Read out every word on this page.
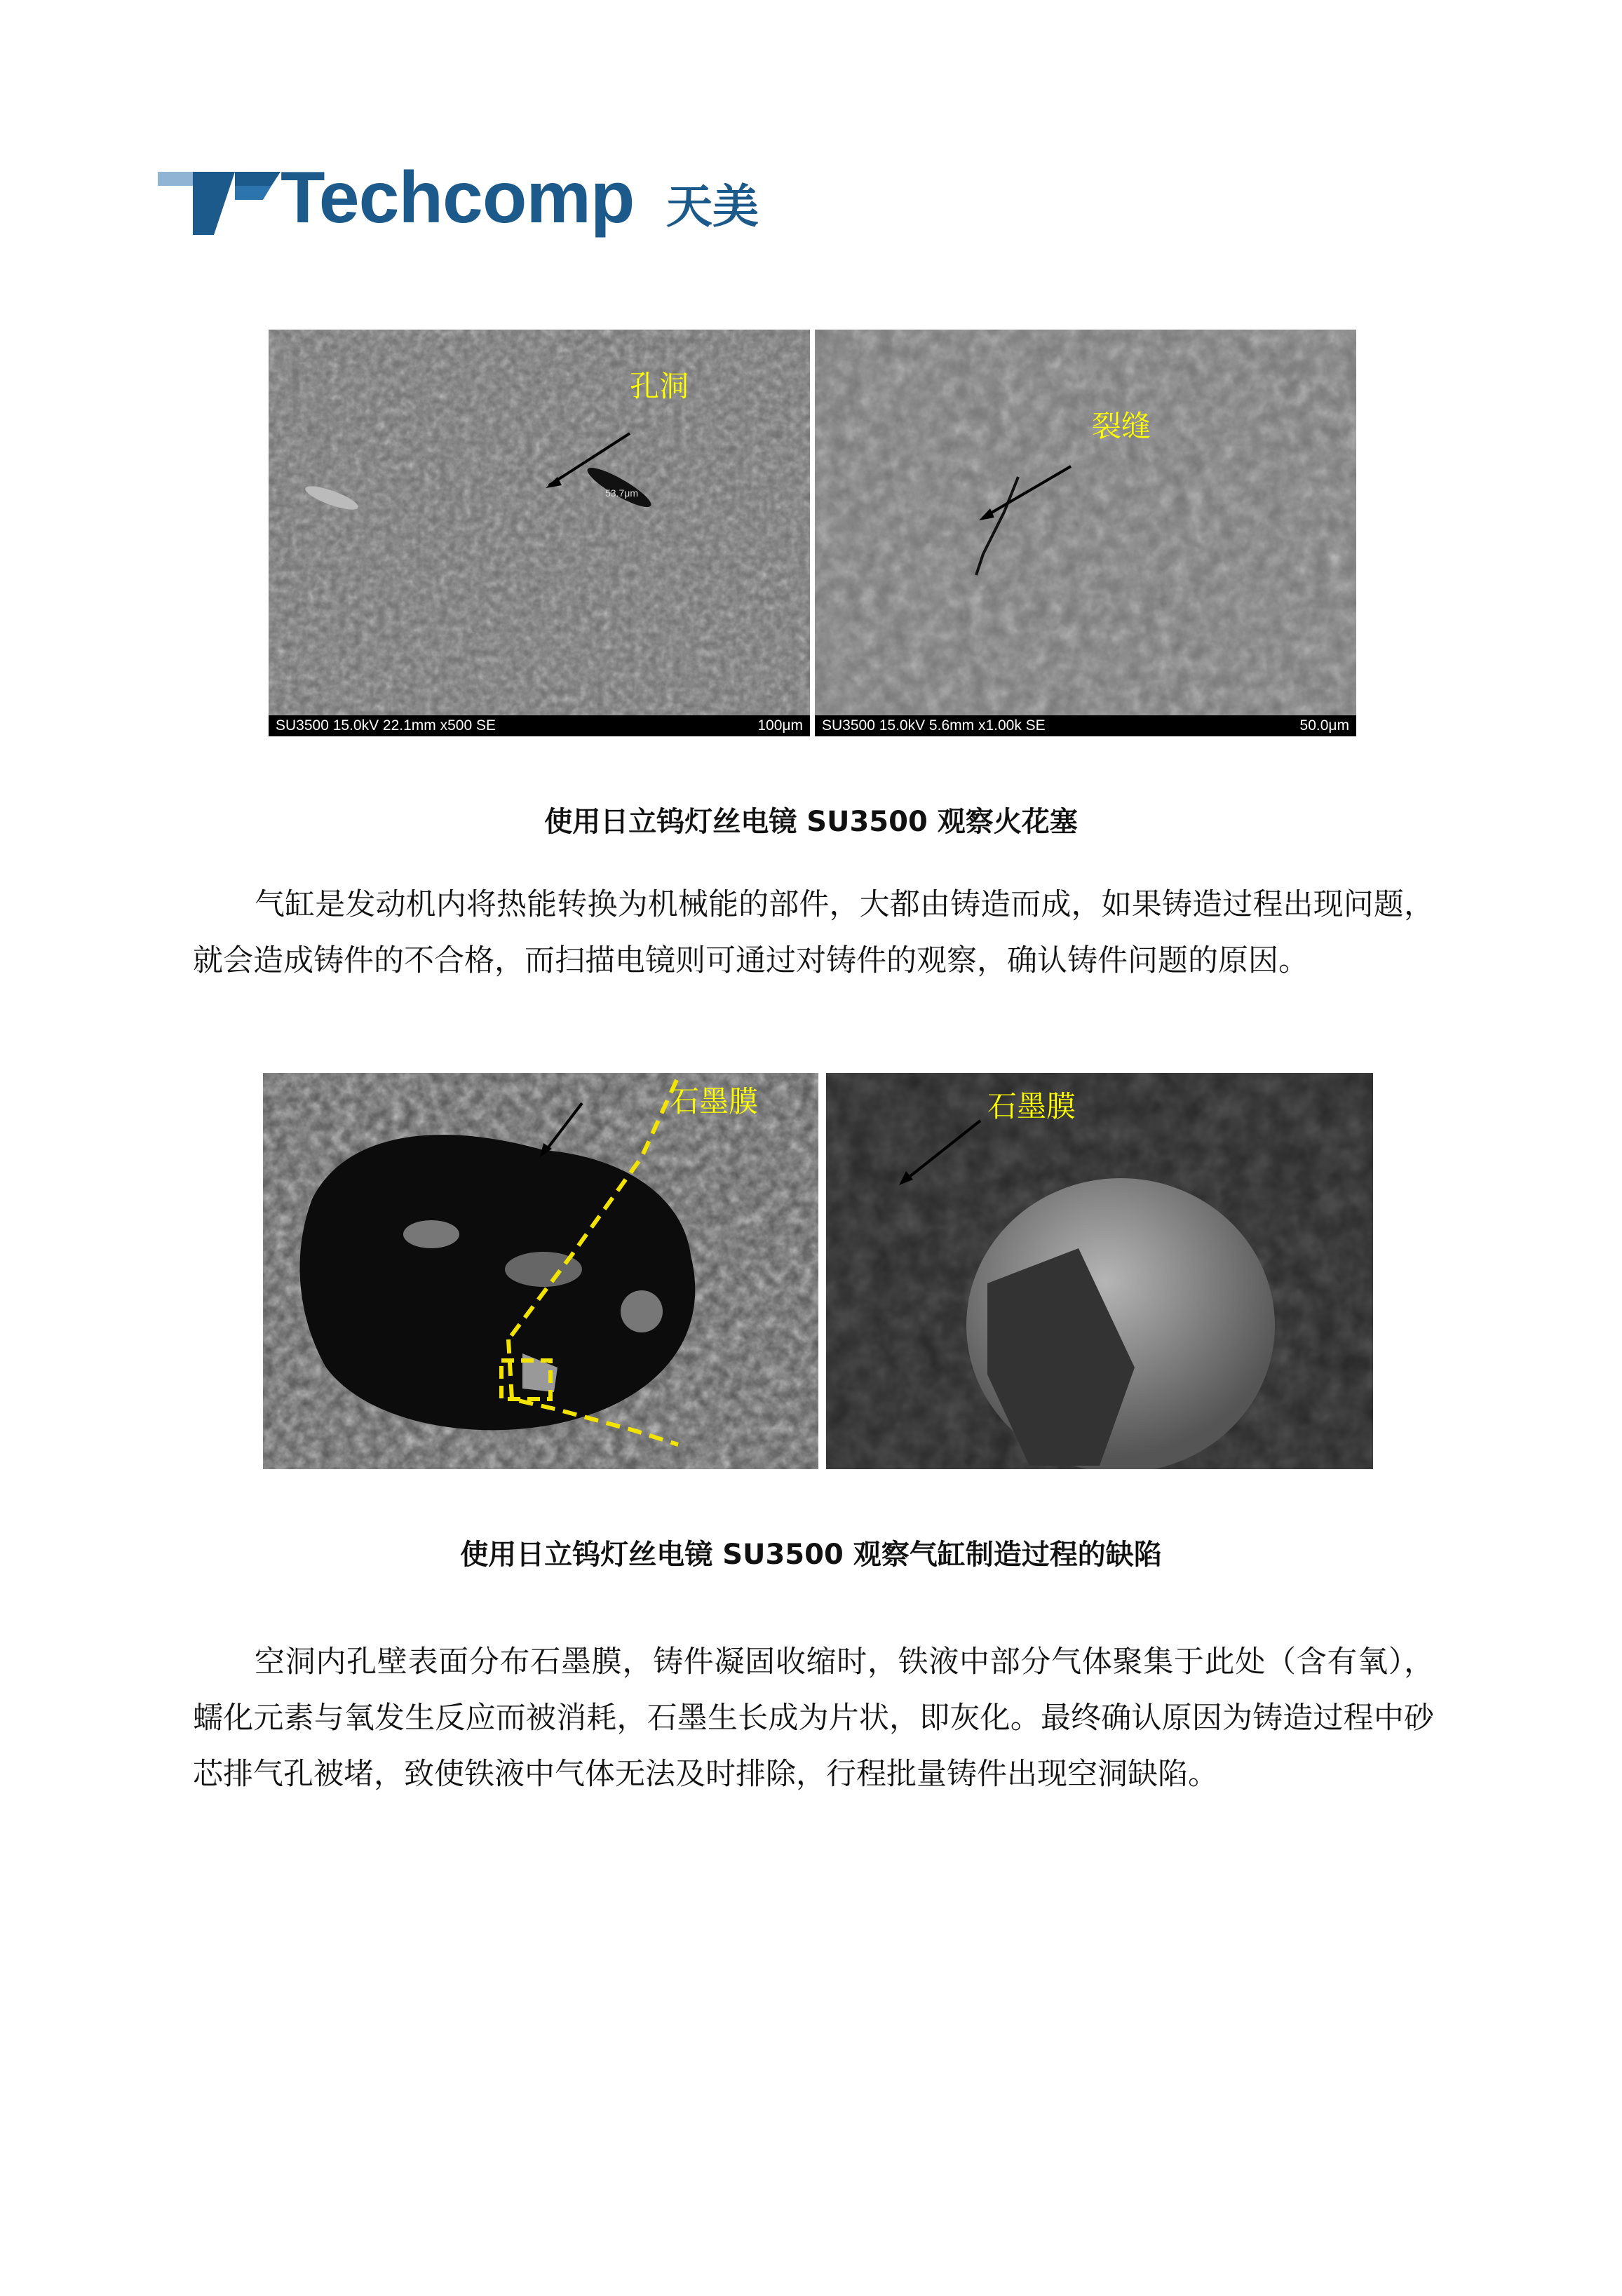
Techcomp 天美
孔洞
53.7μm
SU3500 15.0kV 22.1mm x500 SE	100μm
裂缝
SU3500 15.0kV 5.6mm x1.00k SE	50.0μm
使用日立钨灯丝电镜 SU3500 观察火花塞
气缸是发动机内将热能转换为机械能的部件，大都由铸造而成，如果铸造过程出现问题，就会造成铸件的不合格，而扫描电镜则可通过对铸件的观察，确认铸件问题的原因。
石墨膜	石墨膜
使用日立钨灯丝电镜 SU3500 观察气缸制造过程的缺陷
空洞内孔壁表面分布石墨膜，铸件凝固收缩时，铁液中部分气体聚集于此处（含有氧），蠕化元素与氧发生反应而被消耗，石墨生长成为片状，即灰化。最终确认原因为铸造过程中砂芯排气孔被堵，致使铁液中气体无法及时排除，行程批量铸件出现空洞缺陷。
